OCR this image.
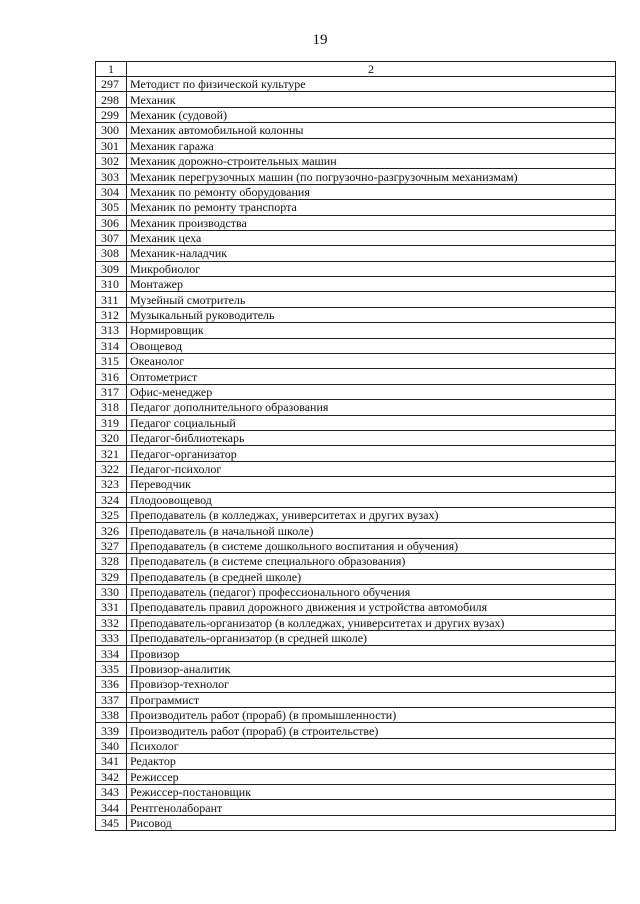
19
1	2
297	Методист по физической культуре
298	Механик
299	Механик (судовой)
300	Механик автомобильной колонны
301	Механик гаража
302	Механик дорожно-строительных машин
303	Механик перегрузочных машин (по погрузочно-разгрузочным механизмам)
304	Механик по ремонту оборудования
305	Механик по ремонту транспорта
306	Механик производства
307	Механик цеха
308	Механик-наладчик
309	Микробиолог
310	Монтажер
311	Музейный смотритель
312	Музыкальный руководитель
313	Нормировщик
314	Овощевод
315	Океанолог
316	Оптометрист
317	Офис-менеджер
318	Педагог дополнительного образования
319	Педагог социальный
320	Педагог-библиотекарь
321	Педагог-организатор
322	Педагог-психолог
323	Переводчик
324	Плодоовощевод
325	Преподаватель (в колледжах, университетах и других вузах)
326	Преподаватель (в начальной школе)
327	Преподаватель (в системе дошкольного воспитания и обучения)
328	Преподаватель (в системе специального образования)
329	Преподаватель (в средней школе)
330	Преподаватель (педагог) профессионального обучения
331	Преподаватель правил дорожного движения и устройства автомобиля
332	Преподаватель-организатор (в колледжах, университетах и других вузах)
333	Преподаватель-организатор (в средней школе)
334	Провизор
335	Провизор-аналитик
336	Провизор-технолог
337	Программист
338	Производитель работ (прораб) (в промышленности)
339	Производитель работ (прораб) (в строительстве)
340	Психолог
341	Редактор
342	Режиссер
343	Режиссер-постановщик
344	Рентгенолаборант
345	Рисовод
